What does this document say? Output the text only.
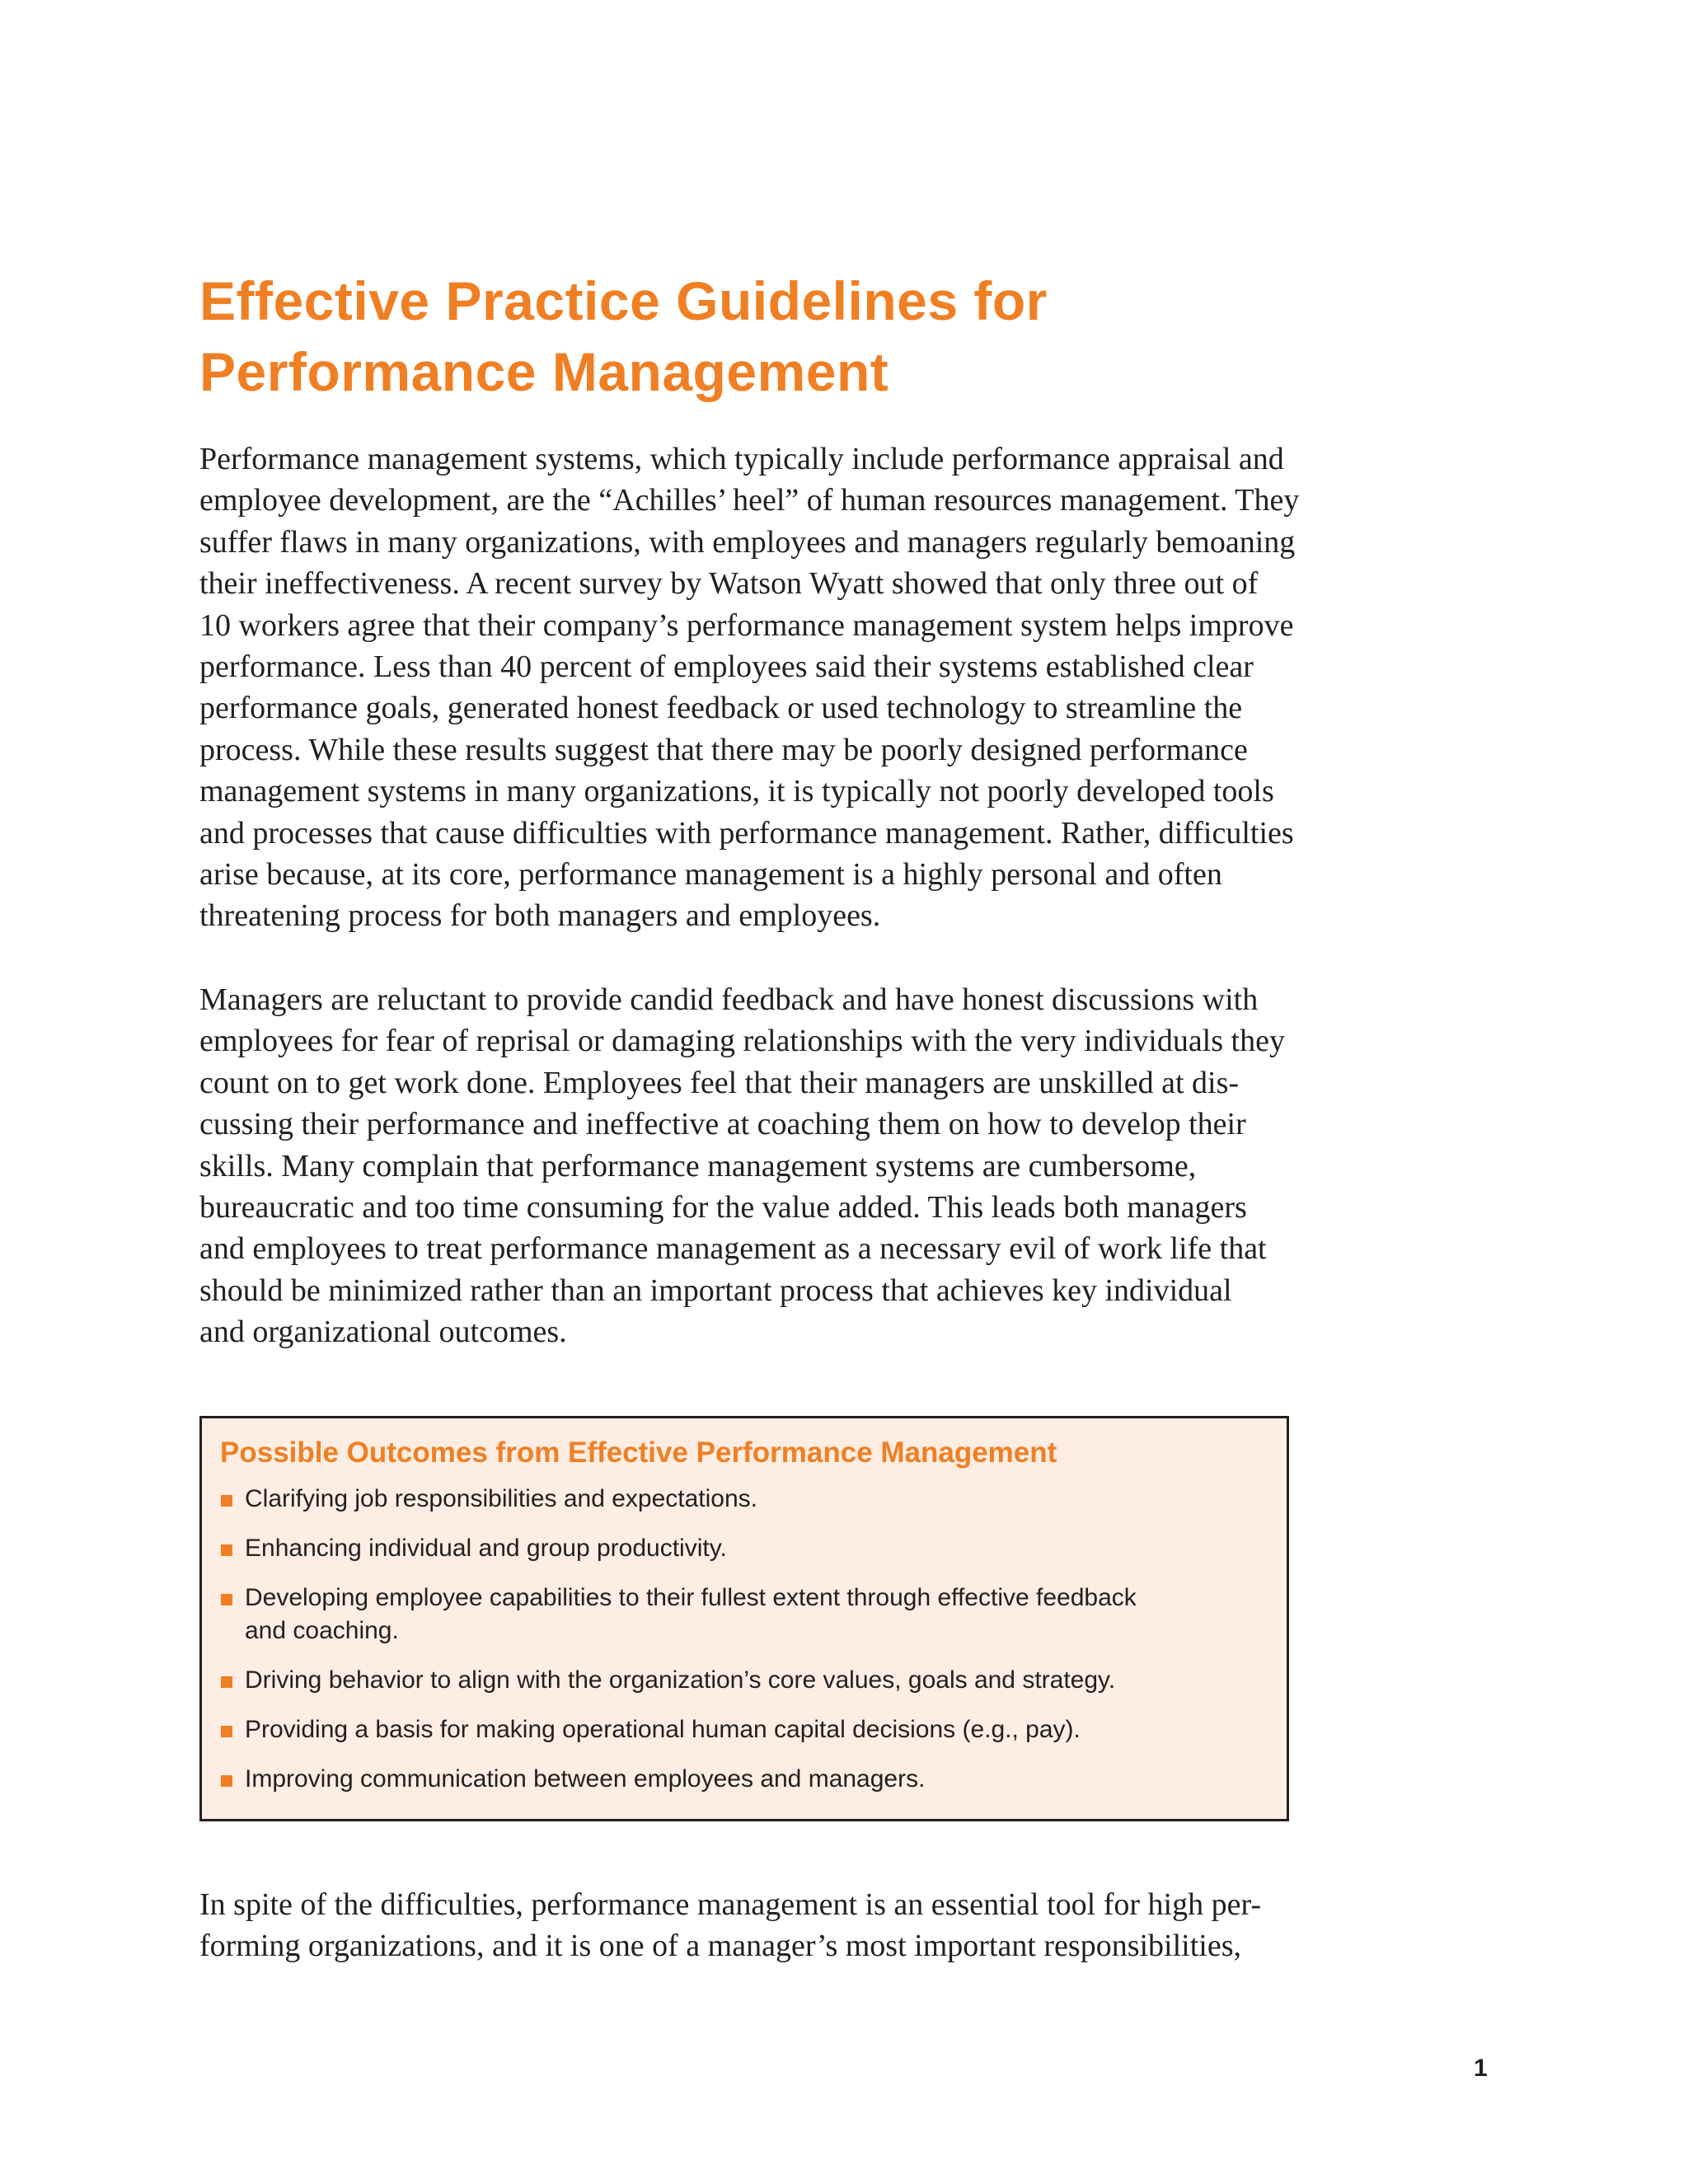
Effective Practice Guidelines for
Performance Management
Performance management systems, which typically include performance appraisal and
employee development, are the “Achilles’ heel” of human resources management. They
suffer flaws in many organizations, with employees and managers regularly bemoaning
their ineffectiveness. A recent survey by Watson Wyatt showed that only three out of
10 workers agree that their company’s performance management system helps improve
performance. Less than 40 percent of employees said their systems established clear
performance goals, generated honest feedback or used technology to streamline the
process. While these results suggest that there may be poorly designed performance
management systems in many organizations, it is typically not poorly developed tools
and processes that cause difficulties with performance management. Rather, difficulties
arise because, at its core, performance management is a highly personal and often
threatening process for both managers and employees.
Managers are reluctant to provide candid feedback and have honest discussions with
employees for fear of reprisal or damaging relationships with the very individuals they
count on to get work done. Employees feel that their managers are unskilled at dis-
cussing their performance and ineffective at coaching them on how to develop their
skills. Many complain that performance management systems are cumbersome,
bureaucratic and too time consuming for the value added. This leads both managers
and employees to treat performance management as a necessary evil of work life that
should be minimized rather than an important process that achieves key individual
and organizational outcomes.

Possible Outcomes from Effective Performance Management

Clarifying job responsibilities and expectations.
Enhancing individual and group productivity.
Developing employee capabilities to their fullest extent through effective feedback
and coaching.
Driving behavior to align with the organization’s core values, goals and strategy.
Providing a basis for making operational human capital decisions (e.g., pay).
Improving communication between employees and managers.
In spite of the difficulties, performance management is an essential tool for high per-
forming organizations, and it is one of a manager’s most important responsibilities,

1
